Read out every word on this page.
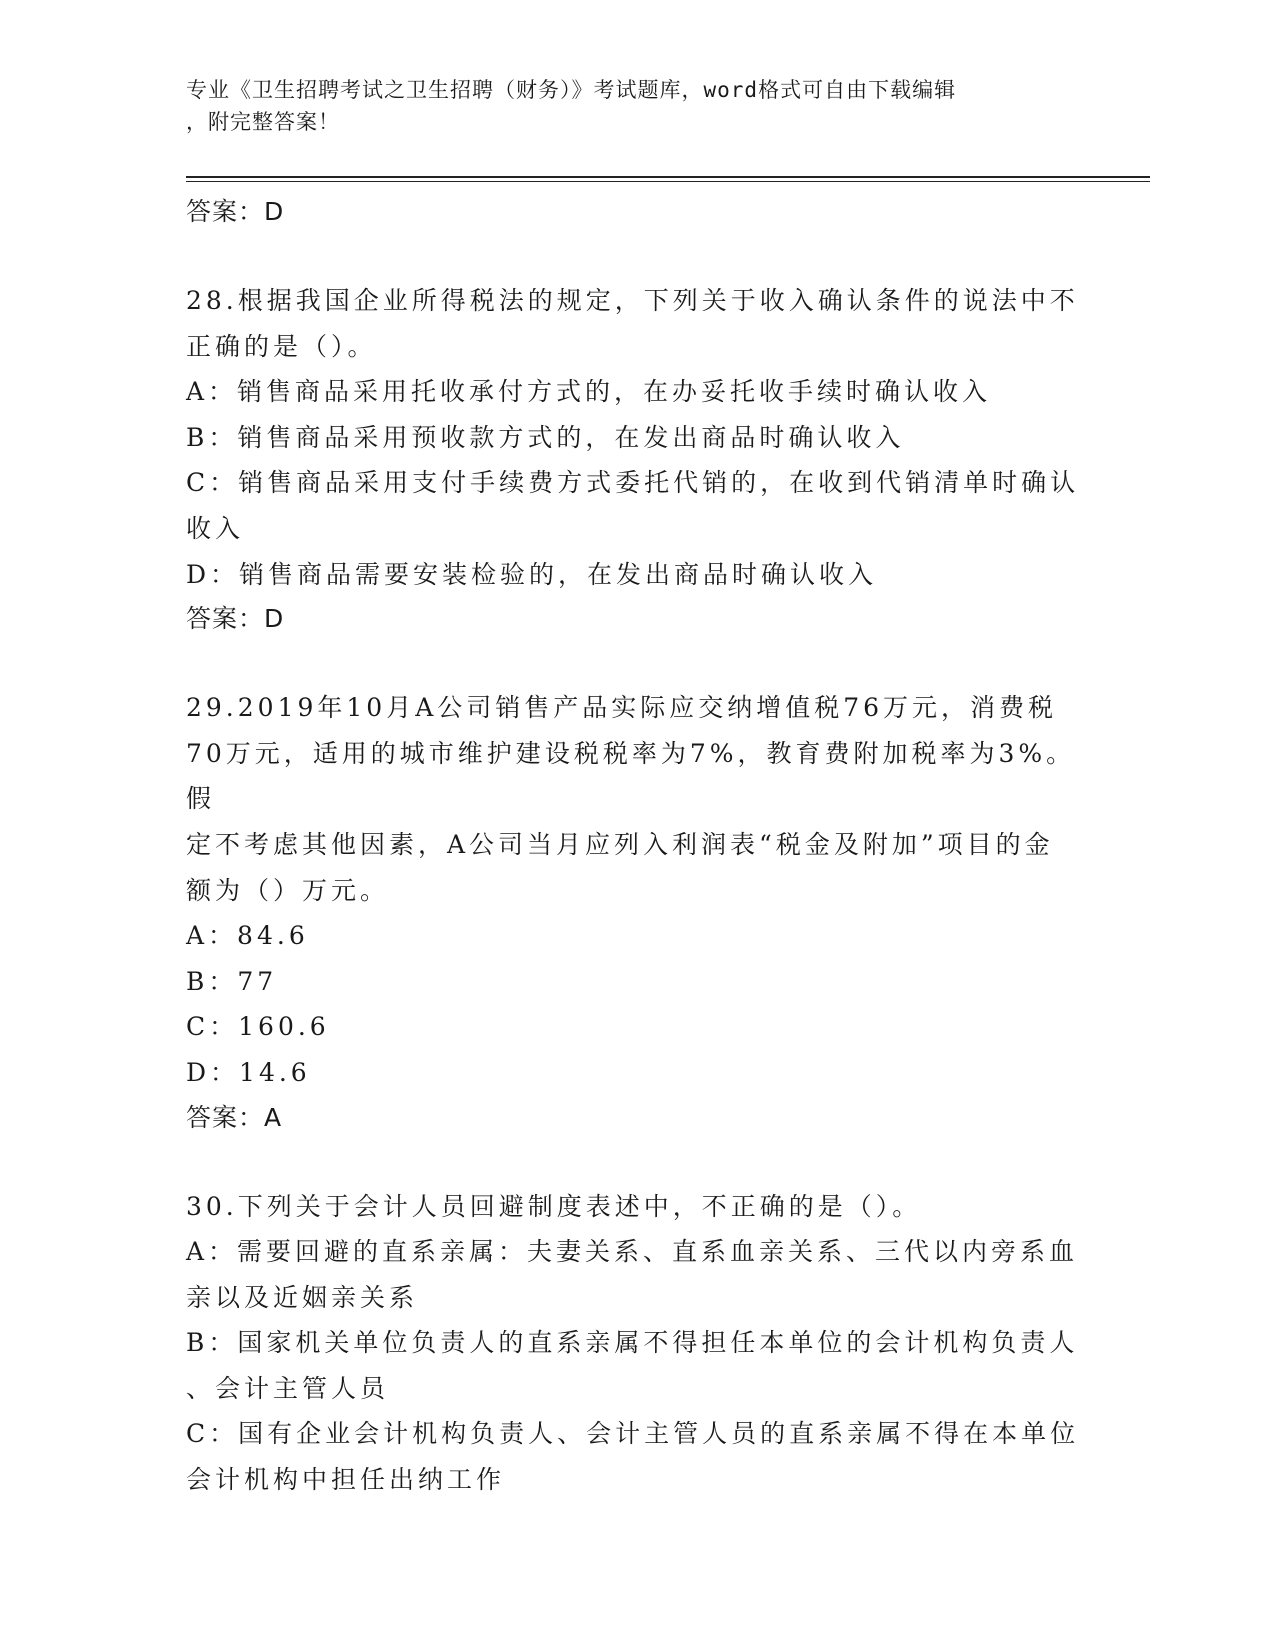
专业《卫生招聘考试之卫生招聘（财务）》考试题库，word格式可自由下载编辑
，附完整答案！

答案：D

28.根据我国企业所得税法的规定，下列关于收入确认条件的说法中不

正确的是（）。

A：销售商品采用托收承付方式的，在办妥托收手续时确认收入

B：销售商品采用预收款方式的，在发出商品时确认收入

C：销售商品采用支付手续费方式委托代销的，在收到代销清单时确认

收入

D：销售商品需要安装检验的，在发出商品时确认收入

答案：D

29.2019年10月A公司销售产品实际应交纳增值税76万元，消费税

70万元，适用的城市维护建设税税率为7%，教育费附加税率为3%。假

定不考虑其他因素，A公司当月应列入利润表“税金及附加”项目的金

额为（）万元。

A：84.6

B：77

C：160.6

D：14.6

答案：A

30.下列关于会计人员回避制度表述中，不正确的是（）。

A：需要回避的直系亲属：夫妻关系、直系血亲关系、三代以内旁系血

亲以及近姻亲关系

B：国家机关单位负责人的直系亲属不得担任本单位的会计机构负责人

、会计主管人员

C：国有企业会计机构负责人、会计主管人员的直系亲属不得在本单位

会计机构中担任出纳工作
